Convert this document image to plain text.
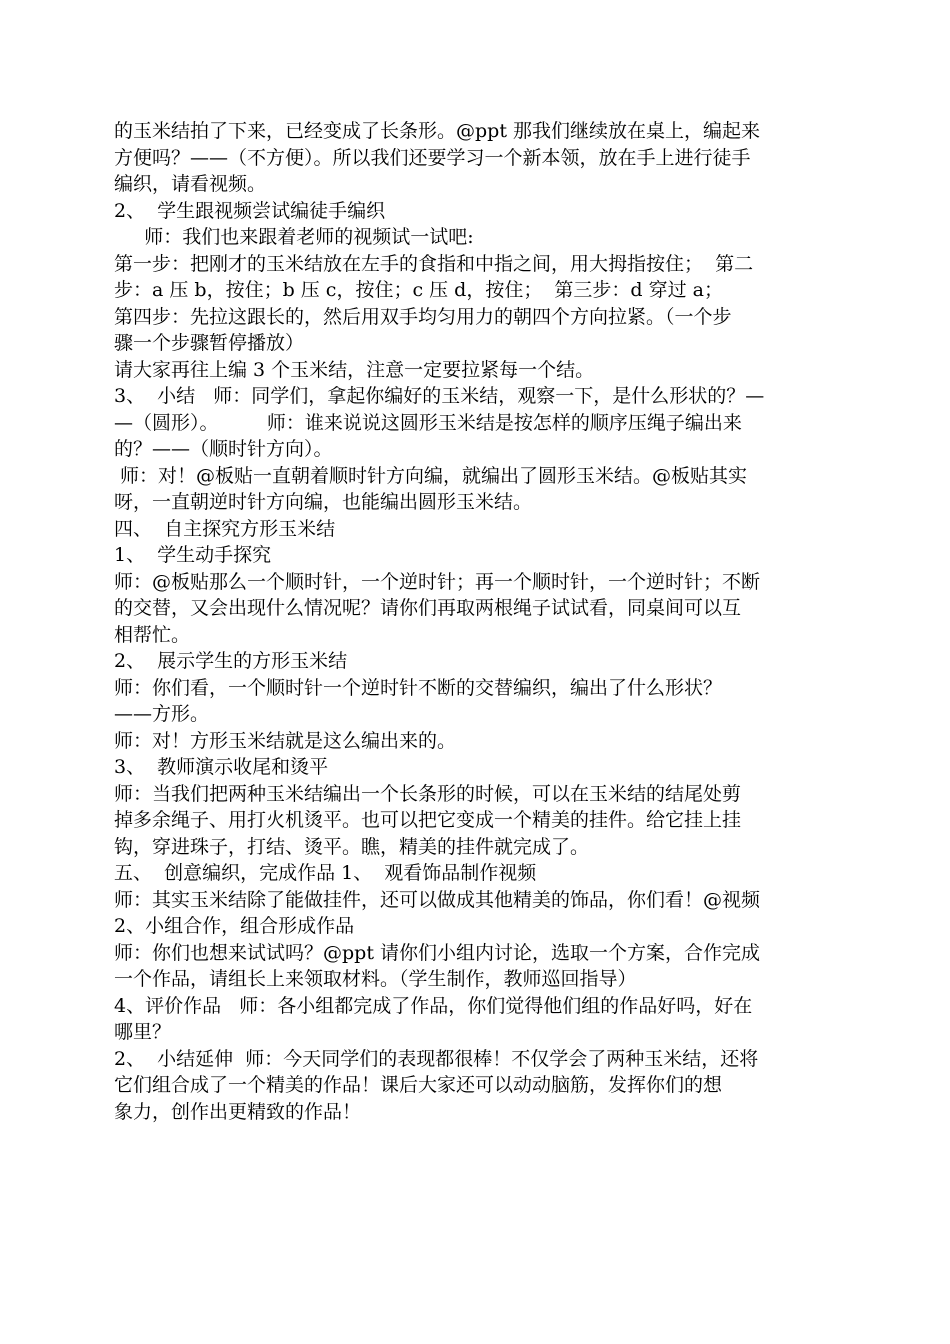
的玉米结拍了下来，已经变成了长条形。@ppt 那我们继续放在桌上，编起来
方便吗？——（不方便）。所以我们还要学习一个新本领，放在手上进行徒手
编织，请看视频。
2、  学生跟视频尝试编徒手编织
师：我们也来跟着老师的视频试一试吧:
第一步：把刚才的玉米结放在左手的食指和中指之间，用大拇指按住；  第二
步：a 压 b，按住；b 压 c，按住；c 压 d，按住；  第三步：d 穿过 a；
第四步：先拉这跟长的，然后用双手均匀用力的朝四个方向拉紧。（一个步
骤一个步骤暂停播放）
请大家再往上编 3 个玉米结，注意一定要拉紧每一个结。
3、  小结   师：同学们，拿起你编好的玉米结，观察一下，是什么形状的？—
—（圆形）。        师：谁来说说这圆形玉米结是按怎样的顺序压绳子编出来
的？——（顺时针方向）。
师：对！@板贴一直朝着顺时针方向编，就编出了圆形玉米结。@板贴其实
呀，一直朝逆时针方向编，也能编出圆形玉米结。
四、  自主探究方形玉米结
1、  学生动手探究
师：@板贴那么一个顺时针，一个逆时针；再一个顺时针，一个逆时针；不断
的交替，又会出现什么情况呢？请你们再取两根绳子试试看，同桌间可以互
相帮忙。
2、  展示学生的方形玉米结
师：你们看，一个顺时针一个逆时针不断的交替编织，编出了什么形状？
——方形。
师：对！方形玉米结就是这么编出来的。
3、  教师演示收尾和烫平
师：当我们把两种玉米结编出一个长条形的时候，可以在玉米结的结尾处剪
掉多余绳子、用打火机烫平。也可以把它变成一个精美的挂件。给它挂上挂
钩，穿进珠子，打结、烫平。瞧，精美的挂件就完成了。
五、  创意编织，完成作品 1、  观看饰品制作视频
师：其实玉米结除了能做挂件，还可以做成其他精美的饰品，你们看！@视频
2、小组合作，组合形成作品
师：你们也想来试试吗？@ppt 请你们小组内讨论，选取一个方案，合作完成
一个作品，请组长上来领取材料。（学生制作，教师巡回指导）
4、评价作品   师：各小组都完成了作品，你们觉得他们组的作品好吗，好在
哪里？
2、  小结延伸  师：今天同学们的表现都很棒！不仅学会了两种玉米结，还将
它们组合成了一个精美的作品！课后大家还可以动动脑筋，发挥你们的想
象力，创作出更精致的作品！
